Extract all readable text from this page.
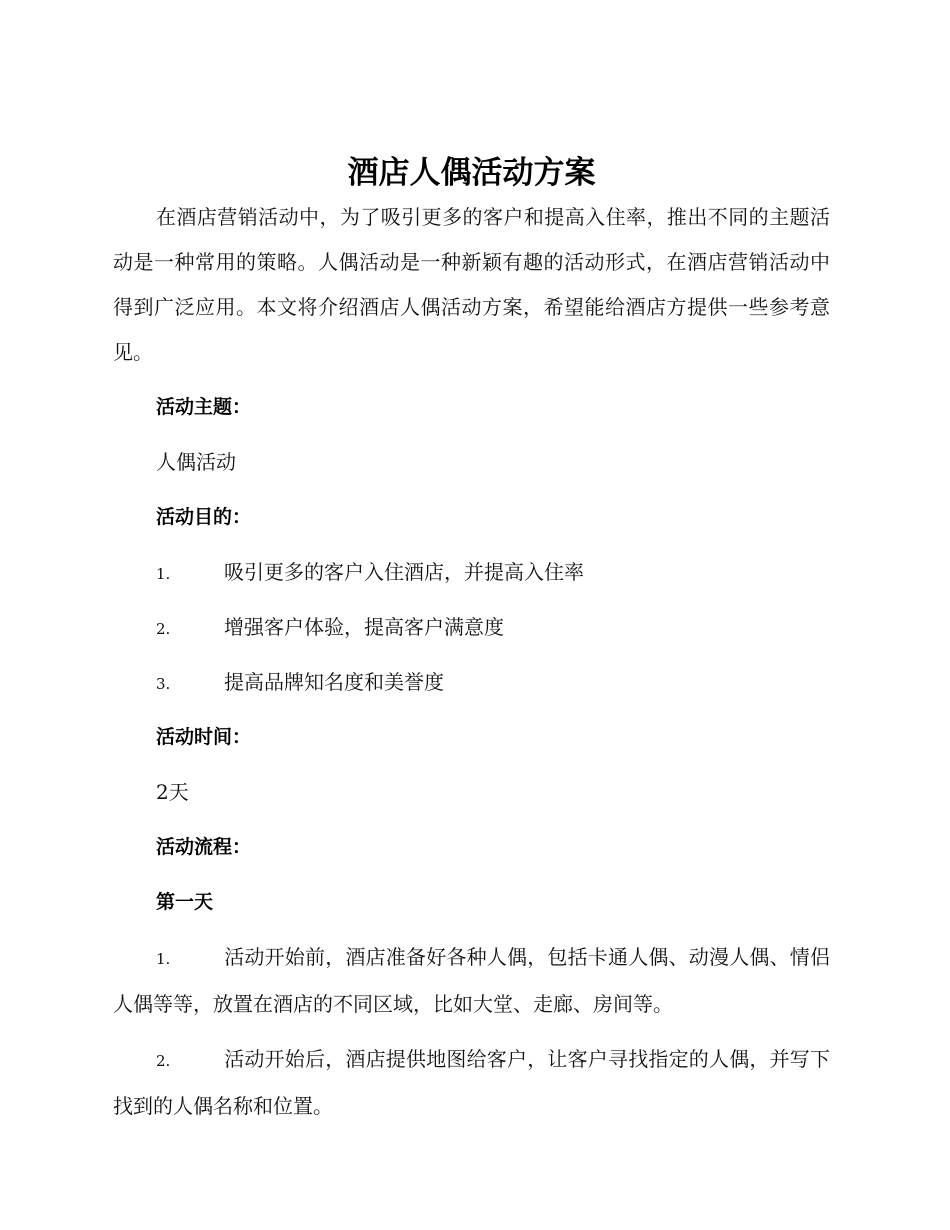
酒店人偶活动方案

在酒店营销活动中，为了吸引更多的客户和提高入住率，推出不同的主题活动是一种常用的策略。人偶活动是一种新颖有趣的活动形式，在酒店营销活动中得到广泛应用。本文将介绍酒店人偶活动方案，希望能给酒店方提供一些参考意见。

活动主题：
人偶活动
活动目的：
1.	吸引更多的客户入住酒店，并提高入住率
2.	增强客户体验，提高客户满意度
3.	提高品牌知名度和美誉度
活动时间：
2天
活动流程：
第一天

1.	活动开始前，酒店准备好各种人偶，包括卡通人偶、动漫人偶、情侣人偶等等，放置在酒店的不同区域，比如大堂、走廊、房间等。

2.	活动开始后，酒店提供地图给客户，让客户寻找指定的人偶，并写下找到的人偶名称和位置。
